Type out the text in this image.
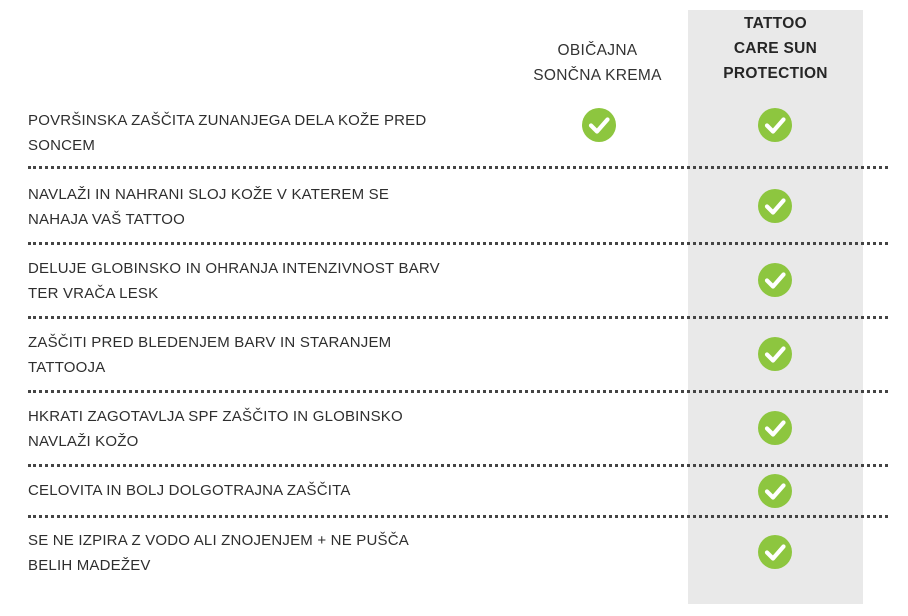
OBIČAJNA
SONČNA KREMA
TATTOO
CARE SUN
PROTECTION
POVRŠINSKA ZAŠČITA ZUNANJEGA DELA KOŽE PRED
SONCEM
NAVLAŽI IN NAHRANI SLOJ KOŽE V KATEREM SE
NAHAJA VAŠ TATTOO
DELUJE GLOBINSKO IN OHRANJA INTENZIVNOST BARV
TER VRAČA LESK
ZAŠČITI PRED BLEDENJEM BARV IN STARANJEM
TATTOOJA
HKRATI ZAGOTAVLJA SPF ZAŠČITO IN GLOBINSKO
NAVLAŽI KOŽO
CELOVITA IN BOLJ DOLGOTRAJNA ZAŠČITA
SE NE IZPIRA Z VODO ALI ZNOJENJEM + NE PUŠČA
BELIH MADEŽEV
